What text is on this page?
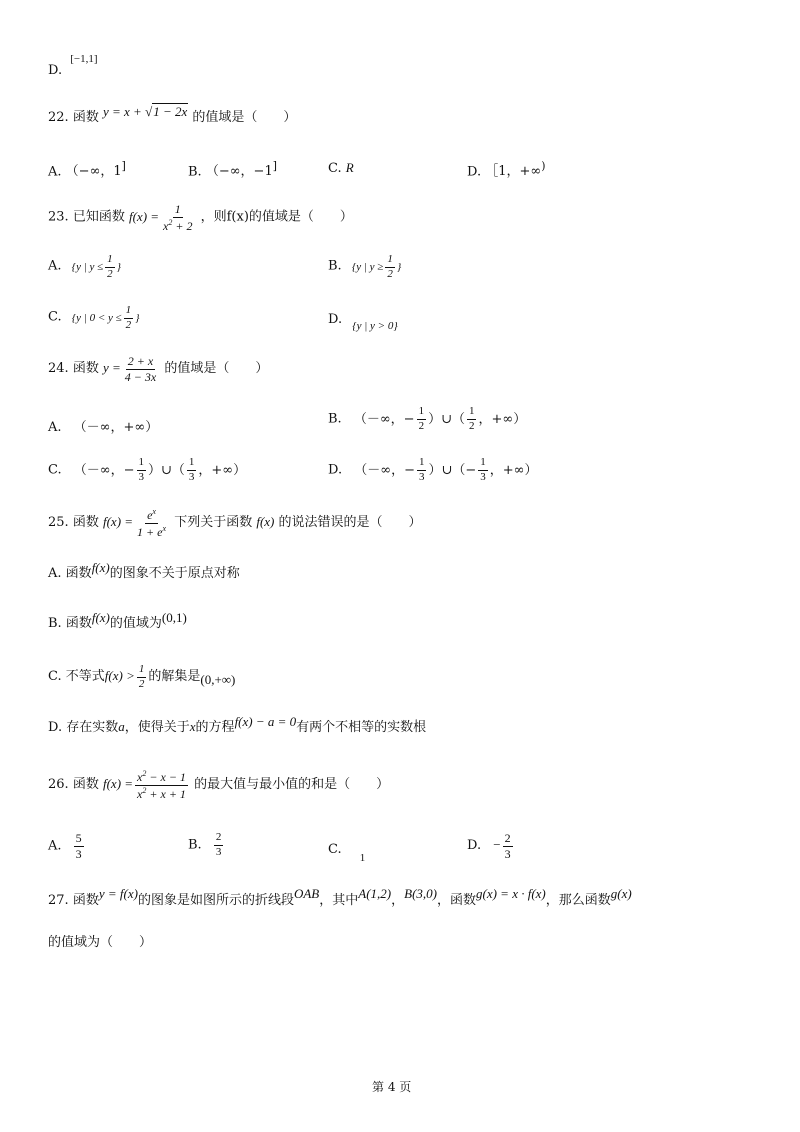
D. [−1,1]
22. 函数 y = x + √1 − 2x 的值域是（　　）
A. （−∞，1]	B. （−∞，−1]	C. R	D. ［1，+∞)
23. 已知函数 $f(x) = \frac{1}{x^2 + 2}$ ，则f(x)的值域是（　　）
A. {y | $y \le \frac{1}{2}$ }	B. {y | $y \ge \frac{1}{2}$ }
C. {y | $0 < y \le \frac{1}{2}$ }	D. $_{\{y | y > 0\}}$
24. 函数 $y = \frac{2 + x}{4 - 3x}$ 的值域是（　　）
A. （－∞，+∞）
B. （－∞，− $\frac{1}{2}$ ）∪（ $\frac{1}{2}$ ，+∞）
C. （－∞，− $\frac{1}{3}$ ）∪（ $\frac{1}{3}$ ，+∞）	D. （－∞，− $\frac{1}{3}$ ）∪（− $\frac{1}{3}$ ，+∞）
25. 函数 $f(x) = \frac{e^x}{1 + e^x}$ 下列关于函数 f(x) 的说法错误的是（　　）
A. 函数f(x)的图象不关于原点对称
B. 函数f(x)的值域为(0,1)
C. 不等式$f(x) > \frac{1}{2}$ 的解集是(0,+∞)
D. 存在实数a，使得关于x的方程f(x) − a = 0有两个不相等的实数根
26. 函数 $f(x) = \frac{x^2 - x - 1}{x^2 + x + 1}$ 的最大值与最小值的和是（　　）
A. $\frac{5}{3}$	B. $\frac{2}{3}$	C. $_1$
D. − $\frac{2}{3}$
27. 函数y = f(x)的图象是如图所示的折线段OAB，其中A(1,2)，B(3,0)，函数g(x) = x · f(x)，那么函数g(x)
的值域为（　　）
第 4 页
